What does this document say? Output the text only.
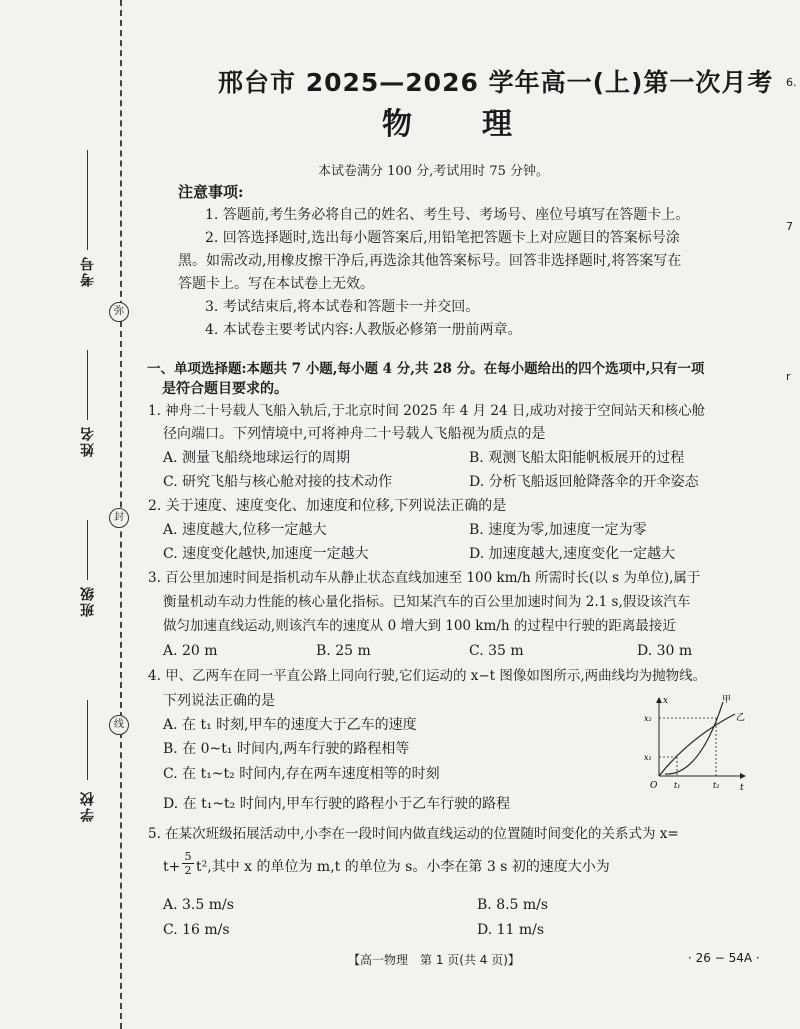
考号
姓名
班级
学校
弥
封
线
6.
7
r
邢台市 2025—2026 学年高一(上)第一次月考
物理
本试卷满分 100 分,考试用时 75 分钟。
注意事项:
1. 答题前,考生务必将自己的姓名、考生号、考场号、座位号填写在答题卡上。
2. 回答选择题时,选出每小题答案后,用铅笔把答题卡上对应题目的答案标号涂
黑。如需改动,用橡皮擦干净后,再选涂其他答案标号。回答非选择题时,将答案写在
答题卡上。写在本试卷上无效。
3. 考试结束后,将本试卷和答题卡一并交回。
4. 本试卷主要考试内容:人教版必修第一册前两章。
一、单项选择题:本题共 7 小题,每小题 4 分,共 28 分。在每小题给出的四个选项中,只有一项
是符合题目要求的。
1. 神舟二十号载人飞船入轨后,于北京时间 2025 年 4 月 24 日,成功对接于空间站天和核心舱
径向端口。下列情境中,可将神舟二十号载人飞船视为质点的是
A. 测量飞船绕地球运行的周期	B. 观测飞船太阳能帆板展开的过程
C. 研究飞船与核心舱对接的技术动作	D. 分析飞船返回舱降落伞的开伞姿态
2. 关于速度、速度变化、加速度和位移,下列说法正确的是
A. 速度越大,位移一定越大	B. 速度为零,加速度一定为零
C. 速度变化越快,加速度一定越大	D. 加速度越大,速度变化一定越大
3. 百公里加速时间是指机动车从静止状态直线加速至 100 km/h 所需时长(以 s 为单位),属于
衡量机动车动力性能的核心量化指标。已知某汽车的百公里加速时间为 2.1 s,假设该汽车
做匀加速直线运动,则该汽车的速度从 0 增大到 100 km/h 的过程中行驶的距离最接近
A. 20 m	B. 25 m	C. 35 m	D. 30 m
4. 甲、乙两车在同一平直公路上同向行驶,它们运动的 x−t 图像如图所示,两曲线均为抛物线。
下列说法正确的是
A. 在 t₁ 时刻,甲车的速度大于乙车的速度
B. 在 0~t₁ 时间内,两车行驶的路程相等
C. 在 t₁~t₂ 时间内,存在两车速度相等的时刻
D. 在 t₁~t₂ 时间内,甲车行驶的路程小于乙车行驶的路程
x
t
O
x₂
x₁
t₁	t₂
甲
乙
5. 在某次班级拓展活动中,小李在一段时间内做直线运动的位置随时间变化的关系式为 x=
$t+ \frac{5}{2} t^2$,其中 x 的单位为 m,t 的单位为 s。小李在第 3 s 初的速度大小为
A. 3.5 m/s	B. 8.5 m/s
C. 16 m/s	D. 11 m/s
【高一物理　第 1 页(共 4 页)】	· 26 − 54A ·
